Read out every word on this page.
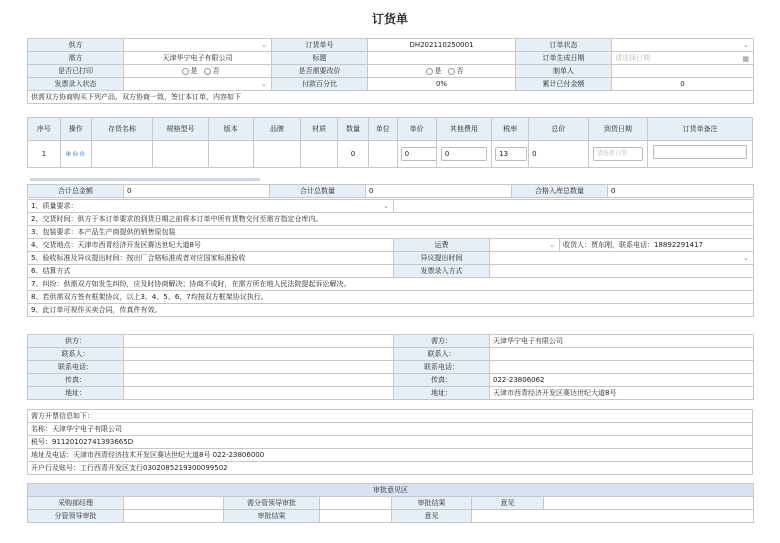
订货单
供方	⌄	订货单号	DH202110250001	订单状态	⌄

需方	天津华宁电子有限公司	标题		订单生成日期	请选择日期 ▦

是否已打印	是 否	是否需要改价	是 否	制单人	
发票录入状态	⌄	付款百分比	0%	累计已付金额	0
供需双方协商购买下列产品，双方协商一致，签订本订单，内容如下					
序号	操作	存货名称	规格型号	版本	品牌	材质	数量	单位	单价	其他费用	税率	总价	到货日期	订货单备注
1	⊕⊖⊝						0		0	0	13	0	请选择日期	
合计总金额	0	合计总数量	0	合格入库总数量	0
1、质量要求： ⌄			

2、交货时间：供方于本订单要求的到货日期之前将本订单中所有货物交付至需方指定仓库内。			
3、包装要求：本产品生产商提供的销售原包装			
4、交货地点：天津市西青经济开发区赛达世纪大道8号	运费	⌄	收货人：贾东刚，联系电话：18892291417
5、验收标准及异议提出时间：按出厂合格标准或者对应国家标准验收	异议提出时间	⌄	

6、结算方式	发票录入方式		
7、纠纷：供需双方如发生纠纷，应及时协商解决；协商不成时，在需方所在地人民法院提起诉讼解决。			
8、若供需双方签有框架协议，以上3、4、5、6、7均按双方框架协议执行。			
9、此订单可视作买卖合同，传真件有效。			
供方：		需方：	天津华宁电子有限公司
联系人：		联系人：	
联系电话：		联系电话：	
传真：		传真：	022-23806062
地址：		地址：	天津市西青经济开发区赛达世纪大道8号
需方开票信息如下：
名称：天津华宁电子有限公司
税号：91120102741393665D
地址及电话：天津市西青经济技术开发区赛达世纪大道8号 022-23806000
开户行及账号：工行西青开发区支行0302085219300099502
审批意见区						
采购部经理		需分管领导审批		审批结果	意见	
分管领导审批		审批结果		意见		
